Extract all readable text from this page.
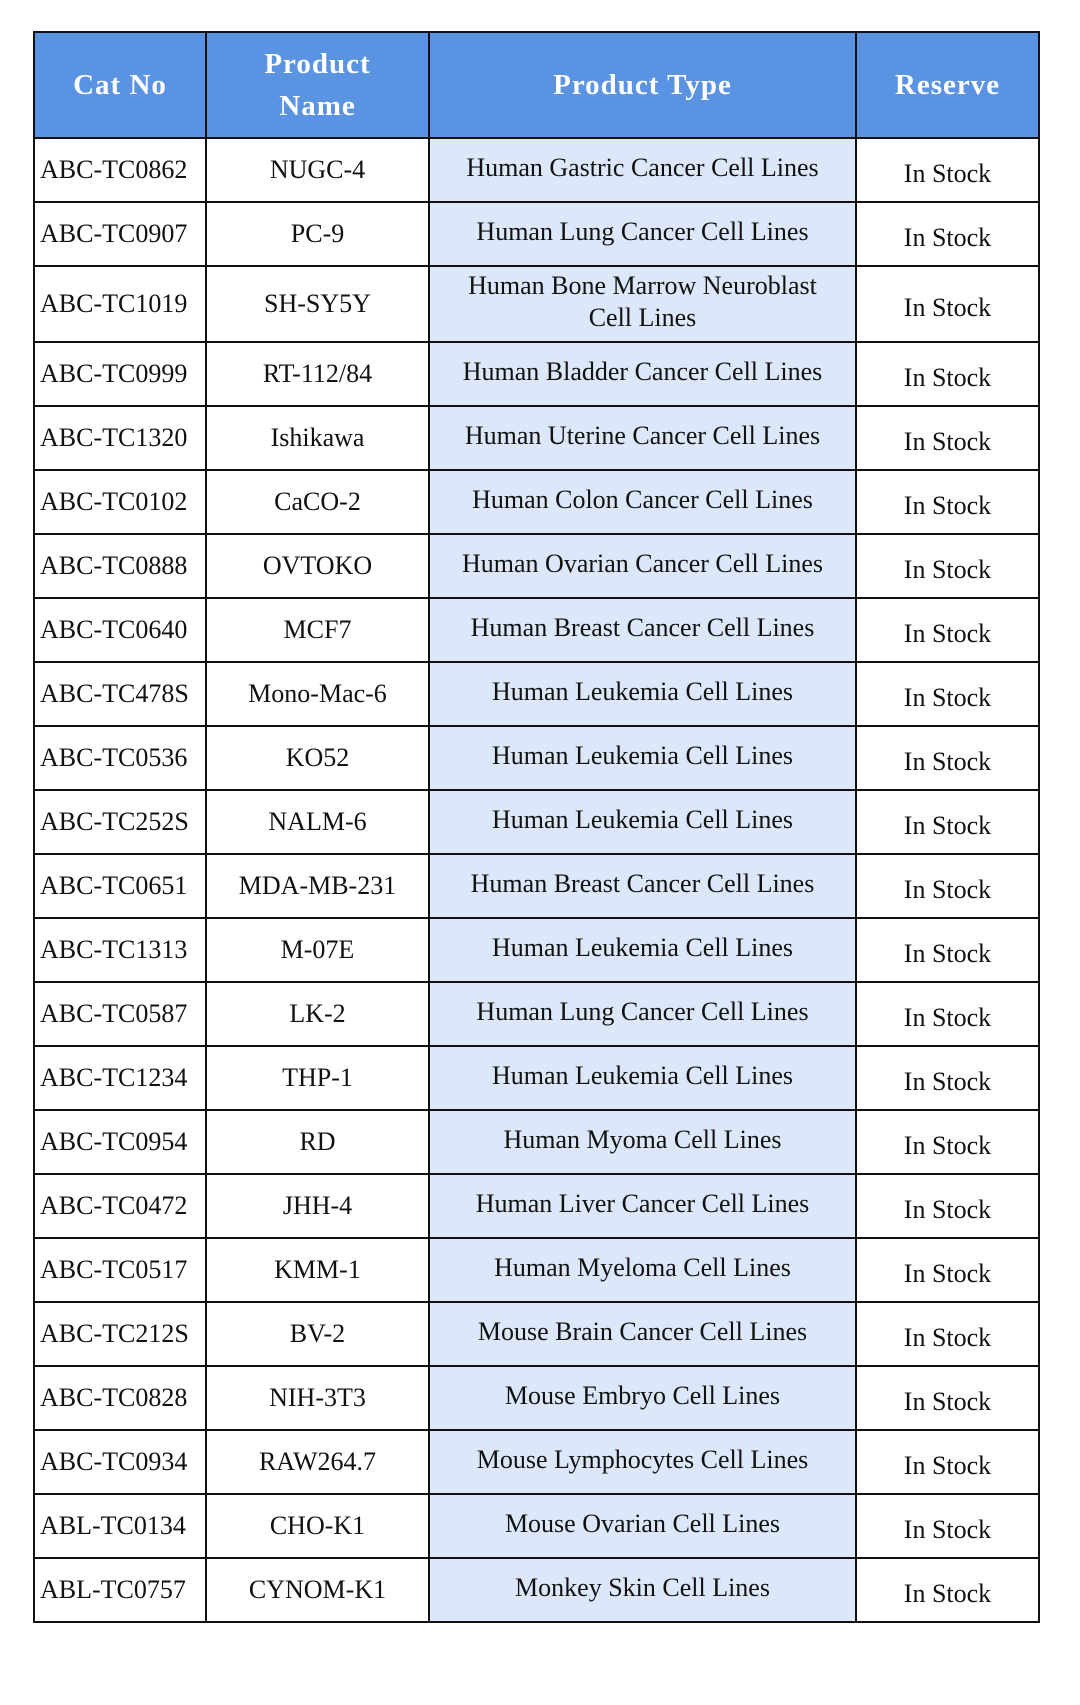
Cat No	Product Name	Product Type	Reserve
ABC-TC0862	NUGC-4	Human Gastric Cancer Cell Lines	In Stock
ABC-TC0907	PC-9	Human Lung Cancer Cell Lines	In Stock
ABC-TC1019	SH-SY5Y	Human Bone Marrow Neuroblast Cell Lines	In Stock
ABC-TC0999	RT-112/84	Human Bladder Cancer Cell Lines	In Stock
ABC-TC1320	Ishikawa	Human Uterine Cancer Cell Lines	In Stock
ABC-TC0102	CaCO-2	Human Colon Cancer Cell Lines	In Stock
ABC-TC0888	OVTOKO	Human Ovarian Cancer Cell Lines	In Stock
ABC-TC0640	MCF7	Human Breast Cancer Cell Lines	In Stock
ABC-TC478S	Mono-Mac-6	Human Leukemia Cell Lines	In Stock
ABC-TC0536	KO52	Human Leukemia Cell Lines	In Stock
ABC-TC252S	NALM-6	Human Leukemia Cell Lines	In Stock
ABC-TC0651	MDA-MB-231	Human Breast Cancer Cell Lines	In Stock
ABC-TC1313	M-07E	Human Leukemia Cell Lines	In Stock
ABC-TC0587	LK-2	Human Lung Cancer Cell Lines	In Stock
ABC-TC1234	THP-1	Human Leukemia Cell Lines	In Stock
ABC-TC0954	RD	Human Myoma Cell Lines	In Stock
ABC-TC0472	JHH-4	Human Liver Cancer Cell Lines	In Stock
ABC-TC0517	KMM-1	Human Myeloma Cell Lines	In Stock
ABC-TC212S	BV-2	Mouse Brain Cancer Cell Lines	In Stock
ABC-TC0828	NIH-3T3	Mouse Embryo Cell Lines	In Stock
ABC-TC0934	RAW264.7	Mouse Lymphocytes Cell Lines	In Stock
ABL-TC0134	CHO-K1	Mouse Ovarian Cell Lines	In Stock
ABL-TC0757	CYNOM-K1	Monkey Skin Cell Lines	In Stock
